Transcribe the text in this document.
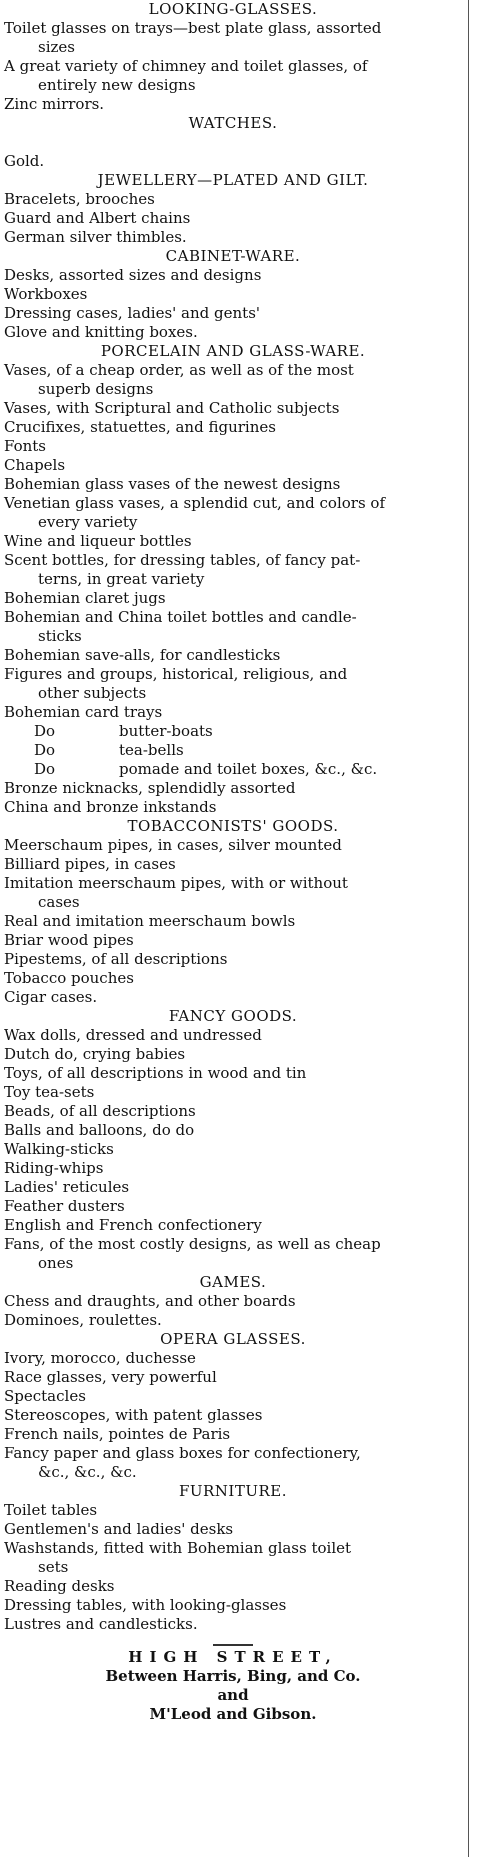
LOOKING-GLASSES.
Toilet glasses on trays—best plate glass, assorted
sizes
A great variety of chimney and toilet glasses, of
entirely new designs
Zinc mirrors.
WATCHES.

Gold.
JEWELLERY—PLATED AND GILT.
Bracelets, brooches
Guard and Albert chains
German silver thimbles.
CABINET-WARE.
Desks, assorted sizes and designs
Workboxes
Dressing cases, ladies' and gents'
Glove and knitting boxes.
PORCELAIN AND GLASS-WARE.
Vases, of a cheap order, as well as of the most
superb designs
Vases, with Scriptural and Catholic subjects
Crucifixes, statuettes, and figurines
Fonts
Chapels
Bohemian glass vases of the newest designs
Venetian glass vases, a splendid cut, and colors of
every variety
Wine and liqueur bottles
Scent bottles, for dressing tables, of fancy pat-
terns, in great variety
Bohemian claret jugs
Bohemian and China toilet bottles and candle-
sticks
Bohemian save-alls, for candlesticks
Figures and groups, historical, religious, and
other subjects
Bohemian card trays
Do	butter-boats
Do	tea-bells
Do	pomade and toilet boxes, &c., &c.
Bronze nicknacks, splendidly assorted
China and bronze inkstands
TOBACCONISTS' GOODS.
Meerschaum pipes, in cases, silver mounted
Billiard pipes, in cases
Imitation meerschaum pipes, with or without
cases
Real and imitation meerschaum bowls
Briar wood pipes
Pipestems, of all descriptions
Tobacco pouches
Cigar cases.
FANCY GOODS.
Wax dolls, dressed and undressed
Dutch do, crying babies
Toys, of all descriptions in wood and tin
Toy tea-sets
Beads, of all descriptions
Balls and balloons, do do
Walking-sticks
Riding-whips
Ladies' reticules
Feather dusters
English and French confectionery
Fans, of the most costly designs, as well as cheap
ones
GAMES.
Chess and draughts, and other boards
Dominoes, roulettes.
OPERA GLASSES.
Ivory, morocco, duchesse
Race glasses, very powerful
Spectacles
Stereoscopes, with patent glasses
French nails, pointes de Paris
Fancy paper and glass boxes for confectionery,
&c., &c., &c.
FURNITURE.
Toilet tables
Gentlemen's and ladies' desks
Washstands, fitted with Bohemian glass toilet
sets
Reading desks
Dressing tables, with looking-glasses
Lustres and candlesticks.
HIGH STREET,
Between Harris, Bing, and Co.
and
M'Leod and Gibson.
